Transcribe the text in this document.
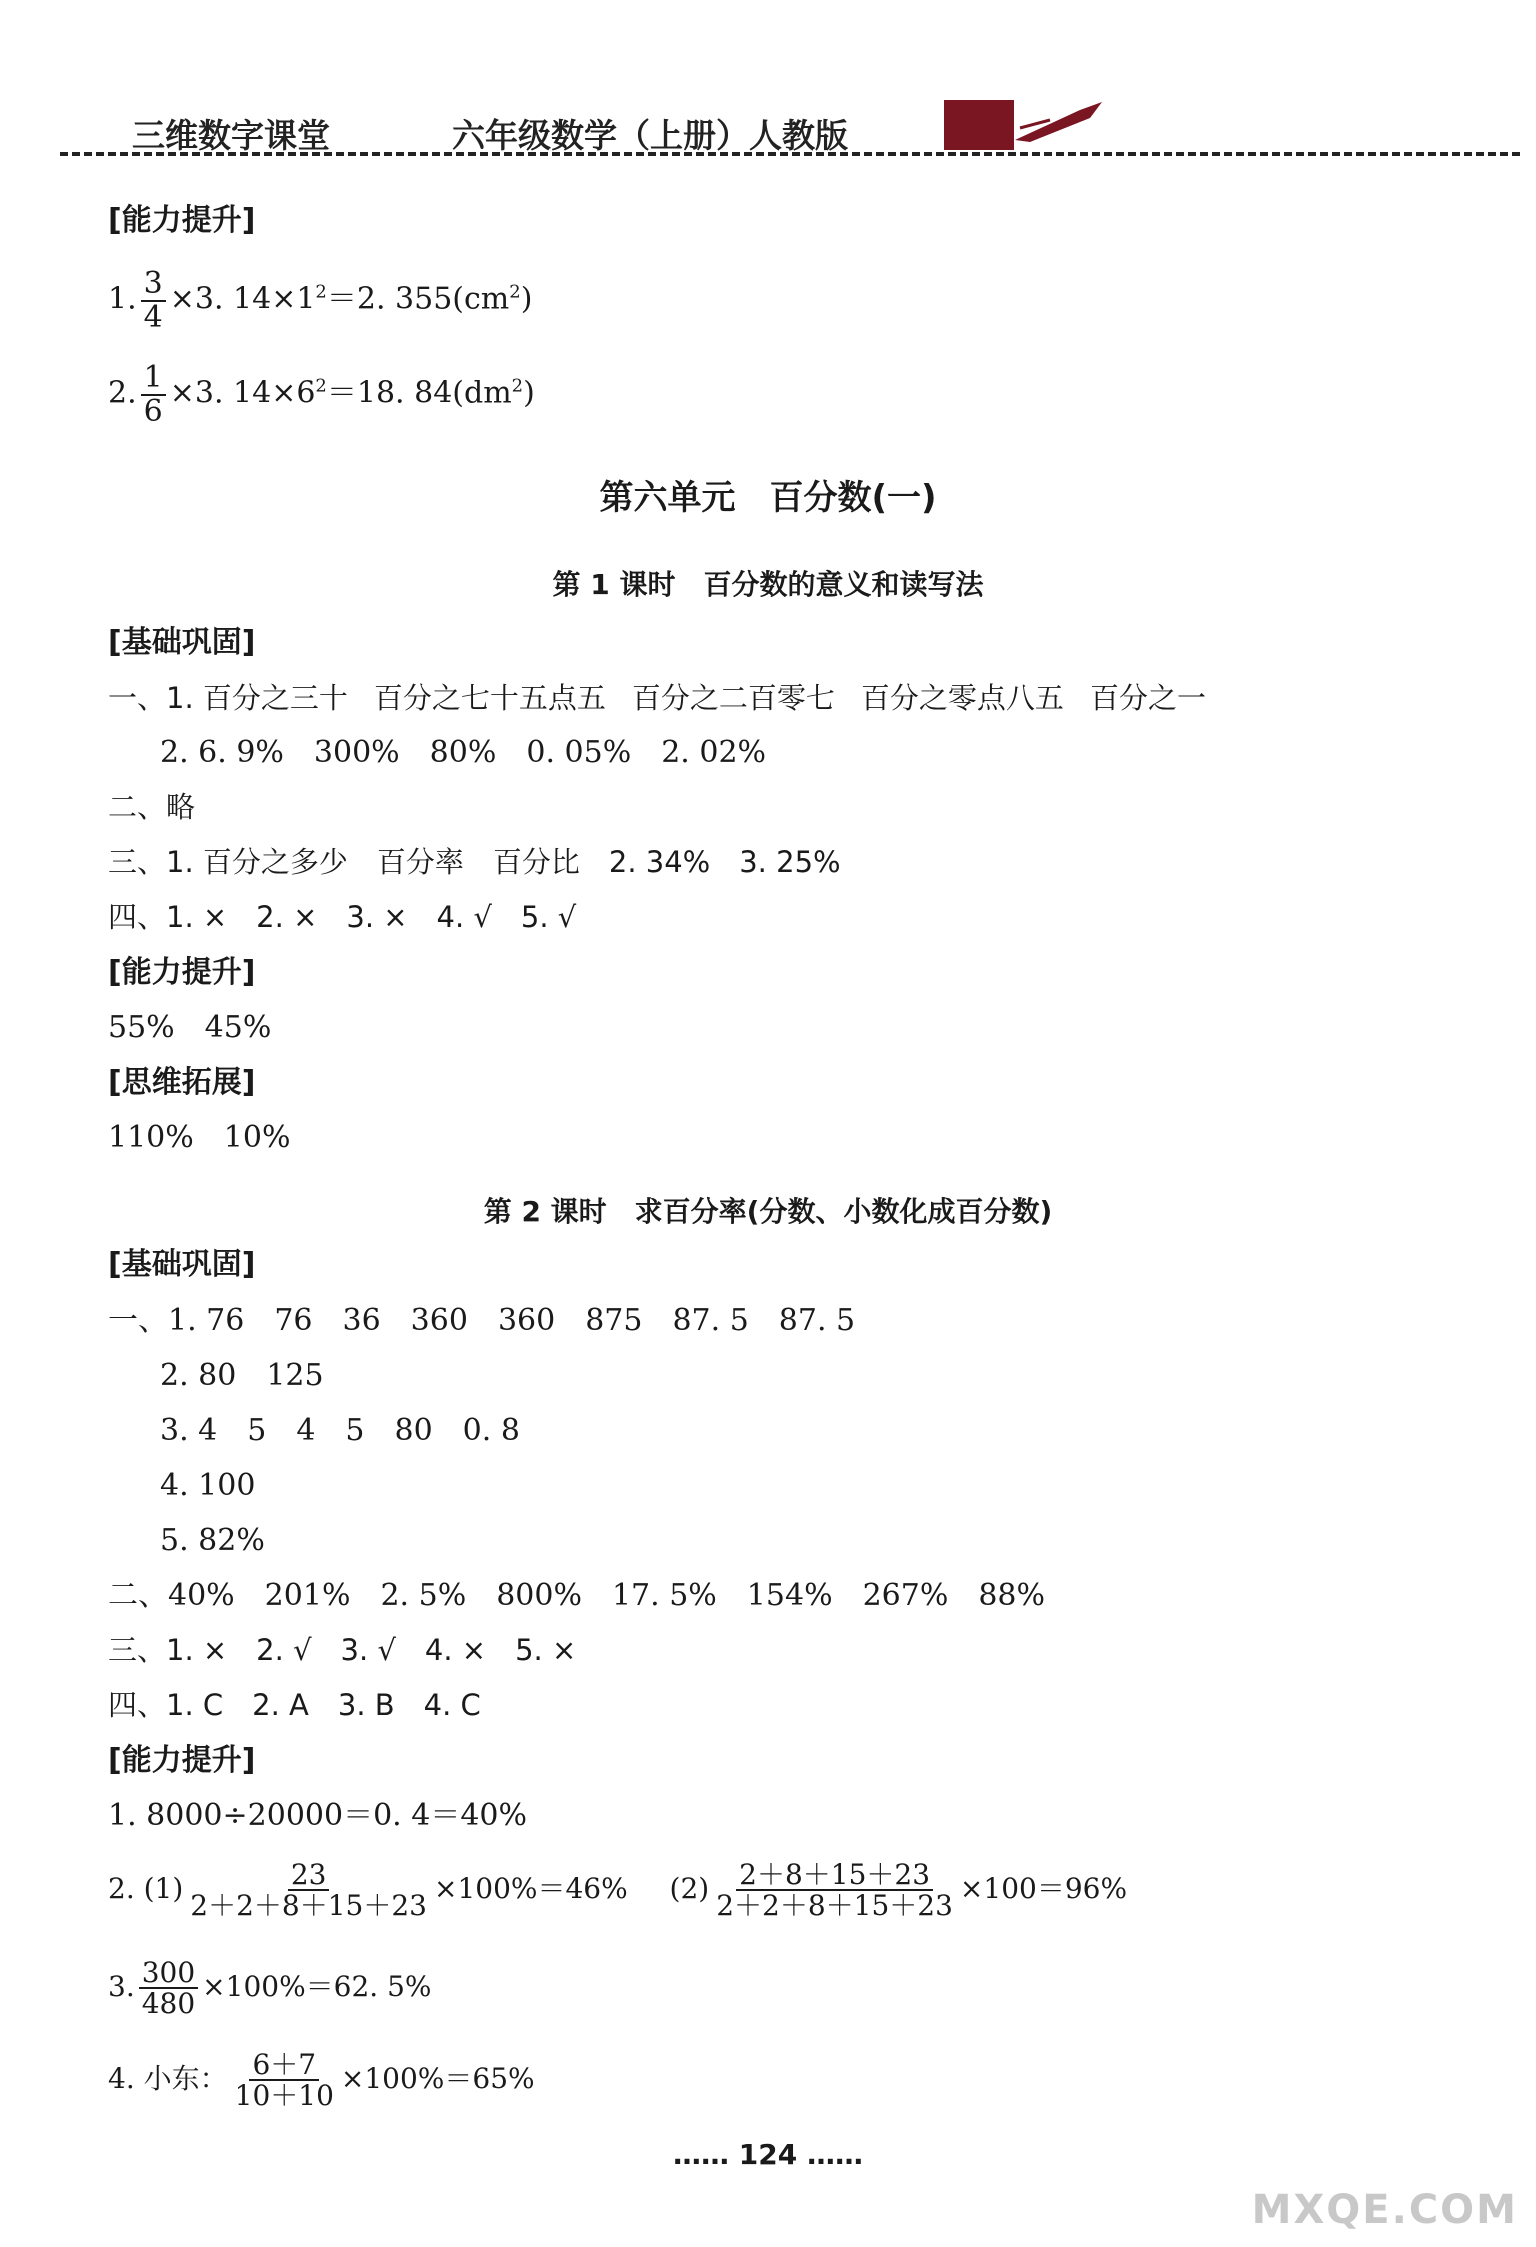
三维数字课堂	六年级数学（上册）人教版
[能力提升]
1. $\frac{3}{4} \times 3$. $14\times 1^2=2$. $355(cm^2)$
2. $\frac{1}{6} \times 3$. $14\times 6^2=18$. $84(dm^2)$
第六单元　百分数(一)
第 1 课时　百分数的意义和读写法
[基础巩固]
一、1. 百分之三十 百分之七十五点五 百分之二百零七 百分之零点八五 百分之一
2. 6. 9%　300%　80%　0. 05%　2. 02%
二、略
三、1. 百分之多少　百分率　百分比　2. 34%　3. 25%
四、1. ×　2. ×　3. ×　4. √　5. √
[能力提升]
55%　45%
[思维拓展]
110%　10%
第 2 课时　求百分率(分数、小数化成百分数)
[基础巩固]
一、1. 76　76　36　360　360　875　87. 5　87. 5
2. 80　125
3. 4　5　4　5　80　0. 8
4. 100
5. 82%
二、40%　201%　2. 5%　800%　17. 5%　154%　267%　88%
三、1. ×　2. √　3. √　4. ×　5. ×
四、1. C　2. A　3. B　4. C
[能力提升]
1. 8000÷20000＝0. 4＝40%
2. $(1) \frac{23}{2+2+8+15+23} \times 100\%=46\%$ $(2) \frac{2+8+15+23}{2+2+8+15+23} \times 100=96\%$
3. $\frac{300}{480} \times 100\%=62$. 5%
4. 小东： $\frac{6+7}{10+10} \times 100\%=65\%$
…… 124 ……
MXQE.COM
